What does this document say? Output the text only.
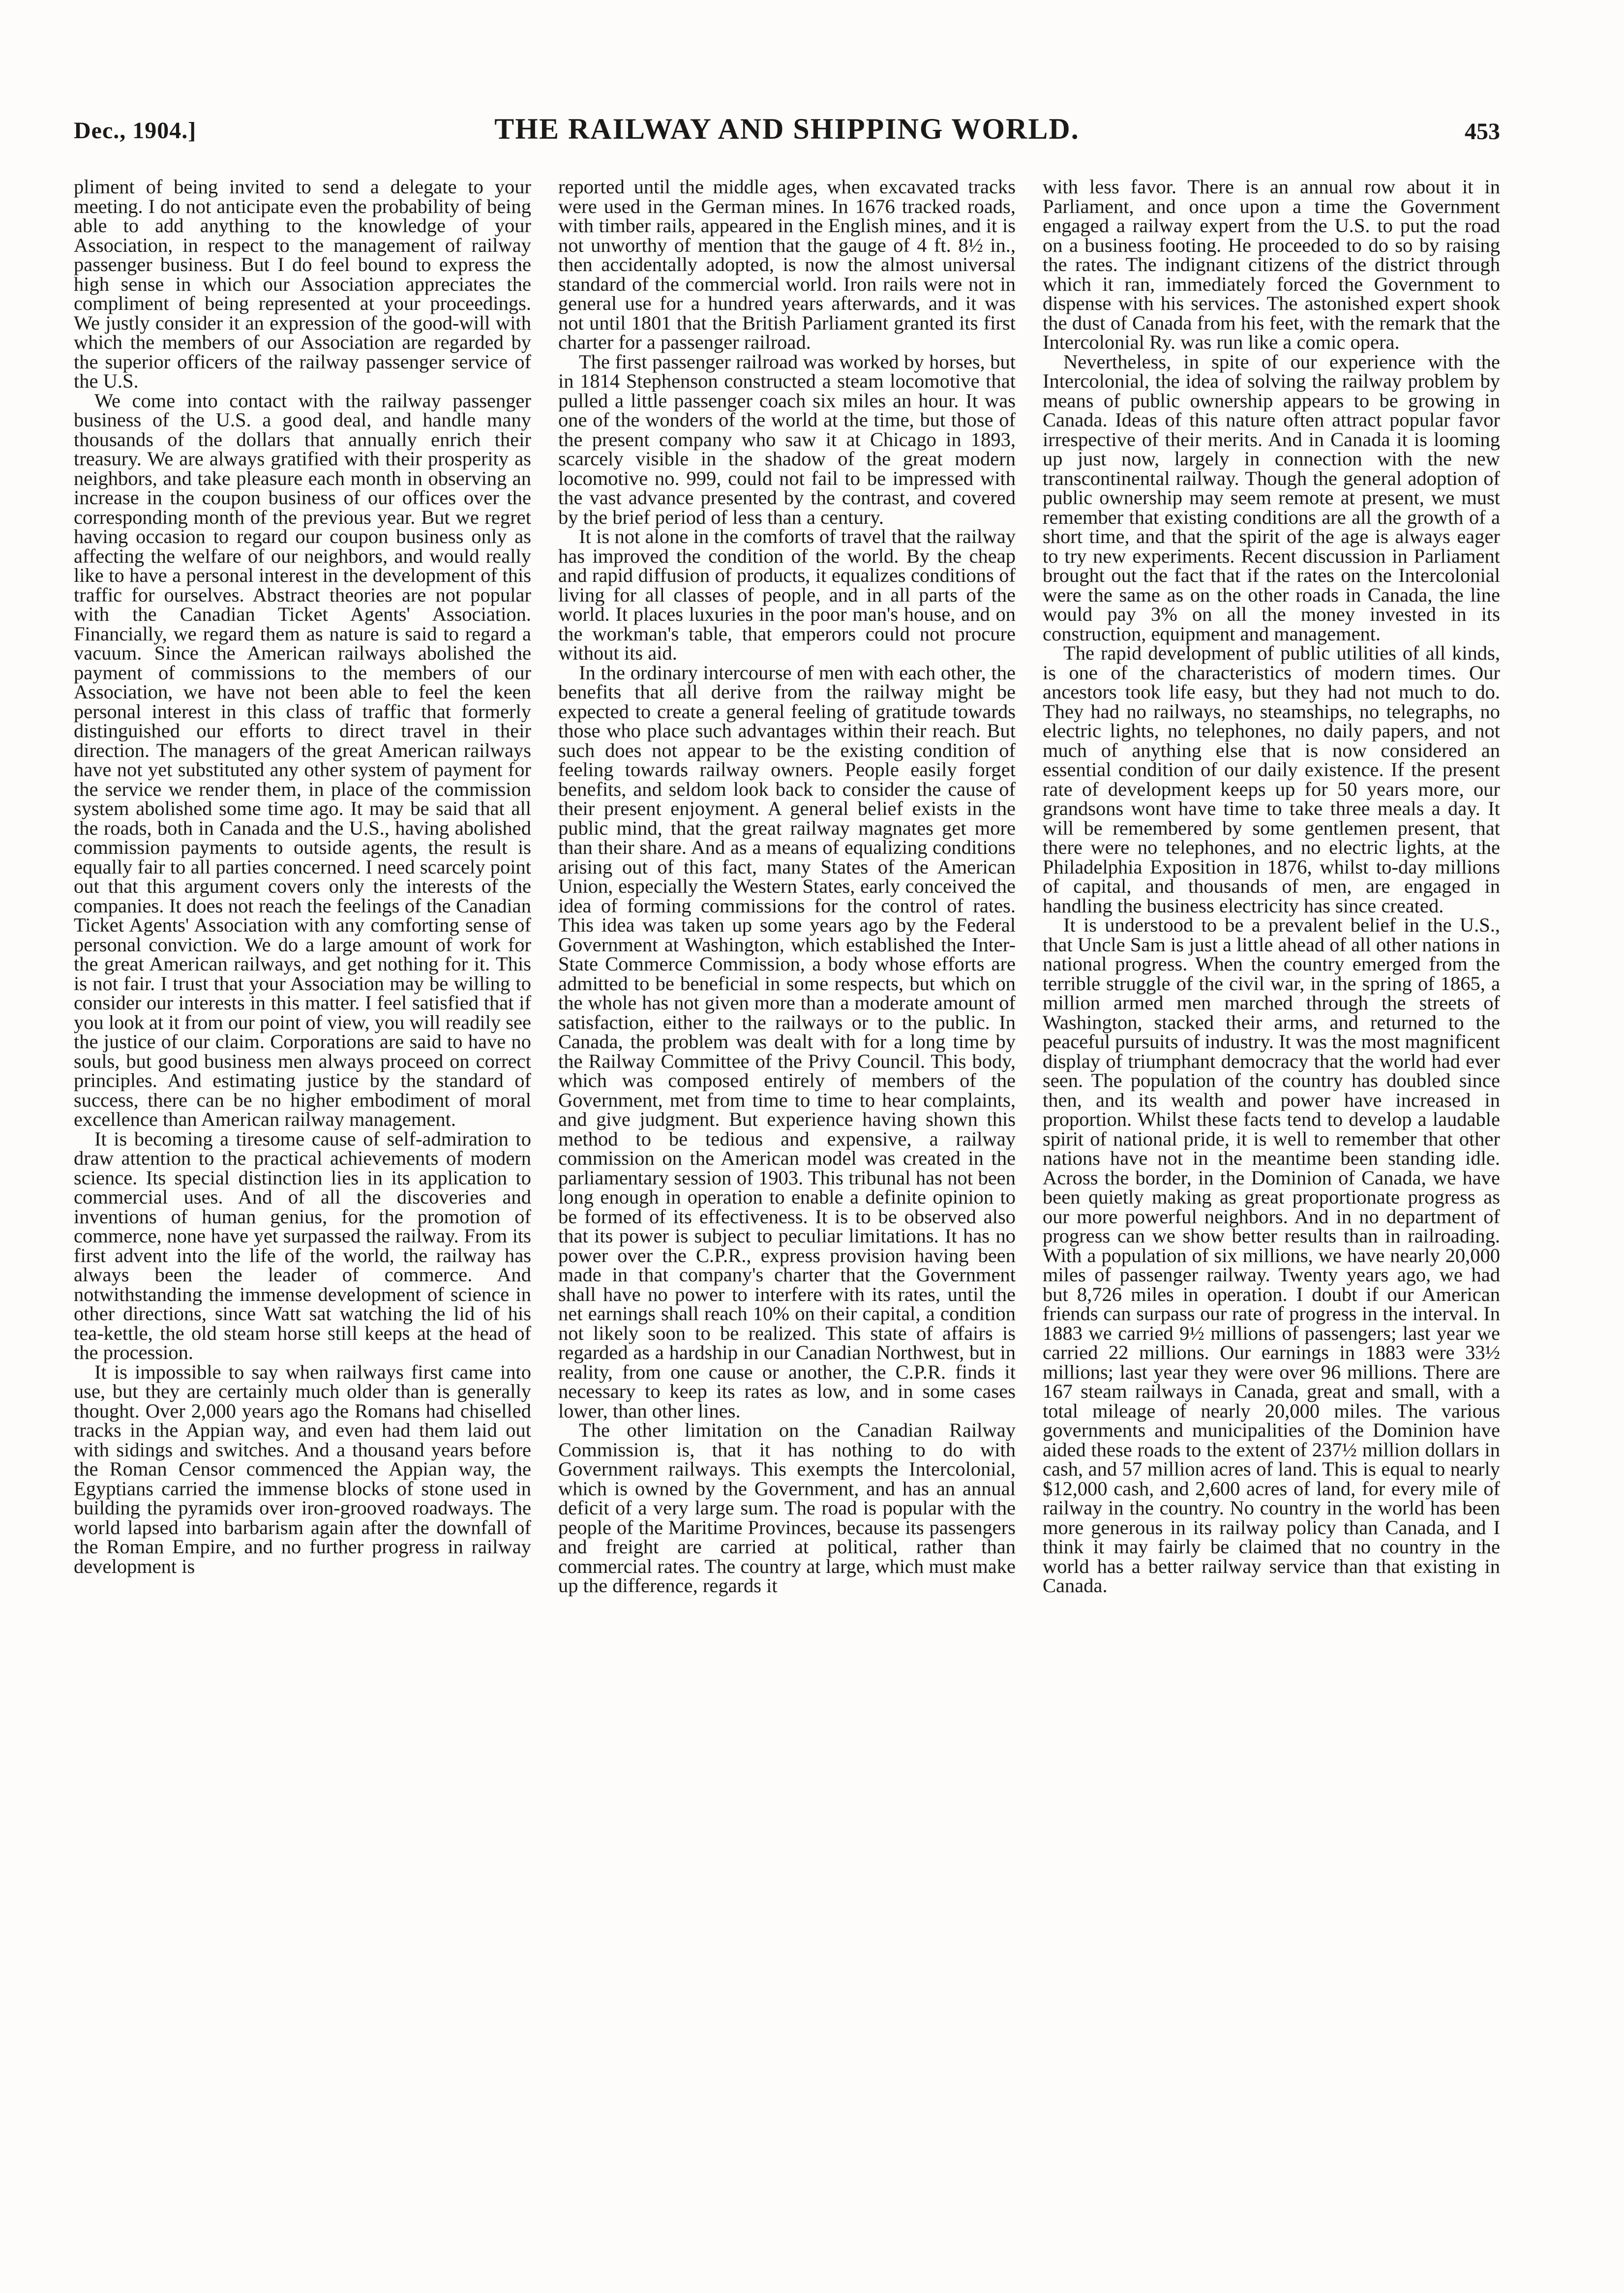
Dec., 1904.]	THE RAILWAY AND SHIPPING WORLD.	453

pliment of being invited to send a delegate to your meeting. I do not anticipate even the probability of being able to add anything to the knowledge of your Association, in respect to the management of railway passenger business. But I do feel bound to express the high sense in which our Association appreciates the compliment of being represented at your proceedings. We justly consider it an expression of the good-will with which the members of our Association are regarded by the superior officers of the railway passenger service of the U.S.

We come into contact with the railway passenger business of the U.S. a good deal, and handle many thousands of the dollars that annually enrich their treasury. We are always gratified with their prosperity as neighbors, and take pleasure each month in observing an increase in the coupon business of our offices over the corresponding month of the previous year. But we regret having occasion to regard our coupon business only as affecting the welfare of our neighbors, and would really like to have a personal interest in the development of this traffic for ourselves. Abstract theories are not popular with the Canadian Ticket Agents' Association. Financially, we regard them as nature is said to regard a vacuum. Since the American railways abolished the payment of commissions to the members of our Association, we have not been able to feel the keen personal interest in this class of traffic that formerly distinguished our efforts to direct travel in their direction. The managers of the great American railways have not yet substituted any other system of payment for the service we render them, in place of the commission system abolished some time ago. It may be said that all the roads, both in Canada and the U.S., having abolished commission payments to outside agents, the result is equally fair to all parties concerned. I need scarcely point out that this argument covers only the interests of the companies. It does not reach the feelings of the Canadian Ticket Agents' Association with any comforting sense of personal conviction. We do a large amount of work for the great American railways, and get nothing for it. This is not fair. I trust that your Association may be willing to consider our interests in this matter. I feel satisfied that if you look at it from our point of view, you will readily see the justice of our claim. Corporations are said to have no souls, but good business men always proceed on correct principles. And estimating justice by the standard of success, there can be no higher embodiment of moral excellence than American railway management.

It is becoming a tiresome cause of self-admiration to draw attention to the practical achievements of modern science. Its special distinction lies in its application to commercial uses. And of all the discoveries and inventions of human genius, for the promotion of commerce, none have yet surpassed the railway. From its first advent into the life of the world, the railway has always been the leader of commerce. And notwithstanding the immense development of science in other directions, since Watt sat watching the lid of his tea-kettle, the old steam horse still keeps at the head of the procession.

It is impossible to say when railways first came into use, but they are certainly much older than is generally thought. Over 2,000 years ago the Romans had chiselled tracks in the Appian way, and even had them laid out with sidings and switches. And a thousand years before the Roman Censor commenced the Appian way, the Egyptians carried the immense blocks of stone used in building the pyramids over iron-grooved roadways. The world lapsed into barbarism again after the downfall of the Roman Empire, and no further progress in railway development is

reported until the middle ages, when excavated tracks were used in the German mines. In 1676 tracked roads, with timber rails, appeared in the English mines, and it is not unworthy of mention that the gauge of 4 ft. 8½ in., then accidentally adopted, is now the almost universal standard of the commercial world. Iron rails were not in general use for a hundred years afterwards, and it was not until 1801 that the British Parliament granted its first charter for a passenger railroad.

The first passenger railroad was worked by horses, but in 1814 Stephenson constructed a steam locomotive that pulled a little passenger coach six miles an hour. It was one of the wonders of the world at the time, but those of the present company who saw it at Chicago in 1893, scarcely visible in the shadow of the great modern locomotive no. 999, could not fail to be impressed with the vast advance presented by the contrast, and covered by the brief period of less than a century.

It is not alone in the comforts of travel that the railway has improved the condition of the world. By the cheap and rapid diffusion of products, it equalizes conditions of living for all classes of people, and in all parts of the world. It places luxuries in the poor man's house, and on the workman's table, that emperors could not procure without its aid.

In the ordinary intercourse of men with each other, the benefits that all derive from the railway might be expected to create a general feeling of gratitude towards those who place such advantages within their reach. But such does not appear to be the existing condition of feeling towards railway owners. People easily forget benefits, and seldom look back to consider the cause of their present enjoyment. A general belief exists in the public mind, that the great railway magnates get more than their share. And as a means of equalizing conditions arising out of this fact, many States of the American Union, especially the Western States, early conceived the idea of forming commissions for the control of rates. This idea was taken up some years ago by the Federal Government at Washington, which established the Inter-State Commerce Commission, a body whose efforts are admitted to be beneficial in some respects, but which on the whole has not given more than a moderate amount of satisfaction, either to the railways or to the public. In Canada, the problem was dealt with for a long time by the Railway Committee of the Privy Council. This body, which was composed entirely of members of the Government, met from time to time to hear complaints, and give judgment. But experience having shown this method to be tedious and expensive, a railway commission on the American model was created in the parliamentary session of 1903. This tribunal has not been long enough in operation to enable a definite opinion to be formed of its effectiveness. It is to be observed also that its power is subject to peculiar limitations. It has no power over the C.P.R., express provision having been made in that company's charter that the Government shall have no power to interfere with its rates, until the net earnings shall reach 10% on their capital, a condition not likely soon to be realized. This state of affairs is regarded as a hardship in our Canadian Northwest, but in reality, from one cause or another, the C.P.R. finds it necessary to keep its rates as low, and in some cases lower, than other lines.

The other limitation on the Canadian Railway Commission is, that it has nothing to do with Government railways. This exempts the Intercolonial, which is owned by the Government, and has an annual deficit of a very large sum. The road is popular with the people of the Maritime Provinces, because its passengers and freight are carried at political, rather than commercial rates. The country at large, which must make up the difference, regards it

with less favor. There is an annual row about it in Parliament, and once upon a time the Government engaged a railway expert from the U.S. to put the road on a business footing. He proceeded to do so by raising the rates. The indignant citizens of the district through which it ran, immediately forced the Government to dispense with his services. The astonished expert shook the dust of Canada from his feet, with the remark that the Intercolonial Ry. was run like a comic opera.

Nevertheless, in spite of our experience with the Intercolonial, the idea of solving the railway problem by means of public ownership appears to be growing in Canada. Ideas of this nature often attract popular favor irrespective of their merits. And in Canada it is looming up just now, largely in connection with the new transcontinental railway. Though the general adoption of public ownership may seem remote at present, we must remember that existing conditions are all the growth of a short time, and that the spirit of the age is always eager to try new experiments. Recent discussion in Parliament brought out the fact that if the rates on the Intercolonial were the same as on the other roads in Canada, the line would pay 3% on all the money invested in its construction, equipment and management.

The rapid development of public utilities of all kinds, is one of the characteristics of modern times. Our ancestors took life easy, but they had not much to do. They had no railways, no steamships, no telegraphs, no electric lights, no telephones, no daily papers, and not much of anything else that is now considered an essential condition of our daily existence. If the present rate of development keeps up for 50 years more, our grandsons wont have time to take three meals a day. It will be remembered by some gentlemen present, that there were no telephones, and no electric lights, at the Philadelphia Exposition in 1876, whilst to-day millions of capital, and thousands of men, are engaged in handling the business electricity has since created.

It is understood to be a prevalent belief in the U.S., that Uncle Sam is just a little ahead of all other nations in national progress. When the country emerged from the terrible struggle of the civil war, in the spring of 1865, a million armed men marched through the streets of Washington, stacked their arms, and returned to the peaceful pursuits of industry. It was the most magnificent display of triumphant democracy that the world had ever seen. The population of the country has doubled since then, and its wealth and power have increased in proportion. Whilst these facts tend to develop a laudable spirit of national pride, it is well to remember that other nations have not in the meantime been standing idle. Across the border, in the Dominion of Canada, we have been quietly making as great proportionate progress as our more powerful neighbors. And in no department of progress can we show better results than in railroading. With a population of six millions, we have nearly 20,000 miles of passenger railway. Twenty years ago, we had but 8,726 miles in operation. I doubt if our American friends can surpass our rate of progress in the interval. In 1883 we carried 9½ millions of passengers; last year we carried 22 millions. Our earnings in 1883 were 33½ millions; last year they were over 96 millions. There are 167 steam railways in Canada, great and small, with a total mileage of nearly 20,000 miles. The various governments and municipalities of the Dominion have aided these roads to the extent of 237½ million dollars in cash, and 57 million acres of land. This is equal to nearly $12,000 cash, and 2,600 acres of land, for every mile of railway in the country. No country in the world has been more generous in its railway policy than Canada, and I think it may fairly be claimed that no country in the world has a better railway service than that existing in Canada.
